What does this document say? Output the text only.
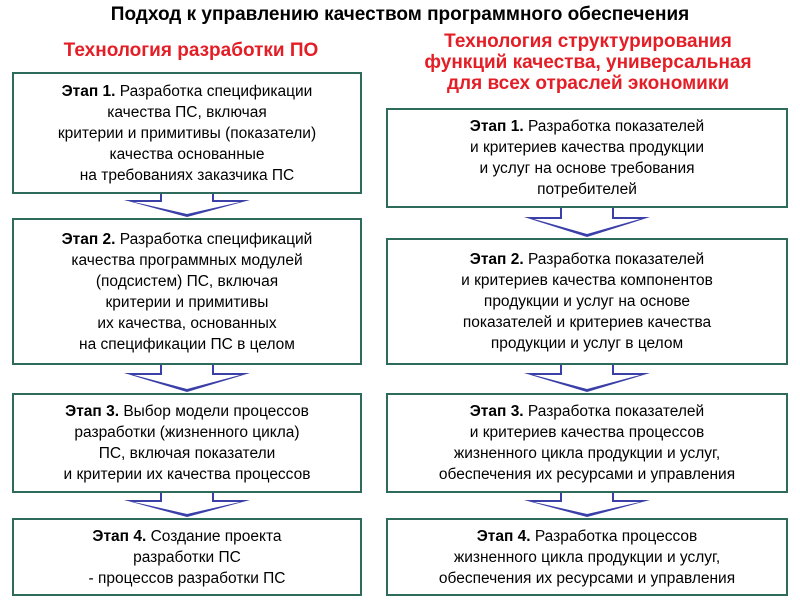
Подход к управлению качеством программного обеспечения
Технология разработки ПО	Технология структурирования
функций качества, универсальная
для всех отраслей экономики
Этап 1. Разработка спецификации
качества ПС, включая
критерии и примитивы (показатели)
качества основанные
на требованиях заказчика ПС
Этап 2. Разработка спецификаций
качества программных модулей
(подсистем) ПС, включая
критерии и примитивы
их качества, основанных
на спецификации ПС в целом
Этап 3. Выбор модели процессов
разработки (жизненного цикла)
ПС, включая показатели
и критерии их качества процессов
Этап 4. Создание проекта
разработки ПС
- процессов разработки ПС
Этап 1. Разработка показателей
и критериев качества продукции
и услуг на основе требования
потребителей
Этап 2. Разработка показателей
и критериев качества компонентов
продукции и услуг на основе
показателей и критериев качества
продукции и услуг в целом
Этап 3. Разработка показателей
и критериев качества процессов
жизненного цикла продукции и услуг,
обеспечения их ресурсами и управления
Этап 4. Разработка процессов
жизненного цикла продукции и услуг,
обеспечения их ресурсами и управления
